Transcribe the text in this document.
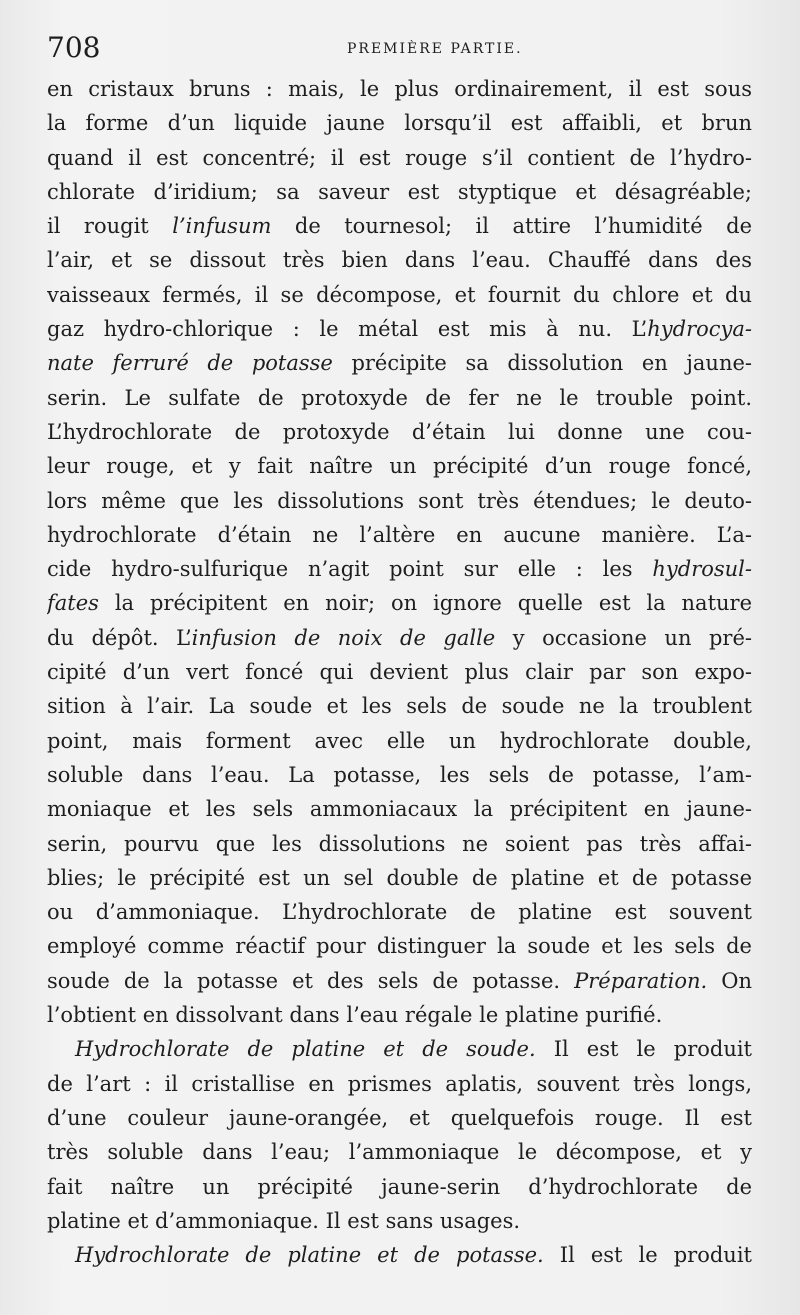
708	PREMIÈRE PARTIE.
en cristaux bruns : mais, le plus ordinairement, il est sous
la forme d’un liquide jaune lorsqu’il est affaibli, et brun
quand il est concentré; il est rouge s’il contient de l’hydro-
chlorate d’iridium; sa saveur est styptique et désagréable;
il rougit l’infusum de tournesol; il attire l’humidité de
l’air, et se dissout très bien dans l’eau. Chauffé dans des
vaisseaux fermés, il se décompose, et fournit du chlore et du
gaz hydro-chlorique : le métal est mis à nu. L’hydrocya-
nate ferruré de potasse précipite sa dissolution en jaune-
serin. Le sulfate de protoxyde de fer ne le trouble point.
L’hydrochlorate de protoxyde d’étain lui donne une cou-
leur rouge, et y fait naître un précipité d’un rouge foncé,
lors même que les dissolutions sont très étendues; le deuto-
hydrochlorate d’étain ne l’altère en aucune manière. L’a-
cide hydro-sulfurique n’agit point sur elle : les hydrosul-
fates la précipitent en noir; on ignore quelle est la nature
du dépôt. L’infusion de noix de galle y occasione un pré-
cipité d’un vert foncé qui devient plus clair par son expo-
sition à l’air. La soude et les sels de soude ne la troublent
point, mais forment avec elle un hydrochlorate double,
soluble dans l’eau. La potasse, les sels de potasse, l’am-
moniaque et les sels ammoniacaux la précipitent en jaune-
serin, pourvu que les dissolutions ne soient pas très affai-
blies; le précipité est un sel double de platine et de potasse
ou d’ammoniaque. L’hydrochlorate de platine est souvent
employé comme réactif pour distinguer la soude et les sels de
soude de la potasse et des sels de potasse. Préparation. On
l’obtient en dissolvant dans l’eau régale le platine purifié.
Hydrochlorate de platine et de soude. Il est le produit
de l’art : il cristallise en prismes aplatis, souvent très longs,
d’une couleur jaune-orangée, et quelquefois rouge. Il est
très soluble dans l’eau; l’ammoniaque le décompose, et y
fait naître un précipité jaune-serin d’hydrochlorate de
platine et d’ammoniaque. Il est sans usages.
Hydrochlorate de platine et de potasse. Il est le produit
